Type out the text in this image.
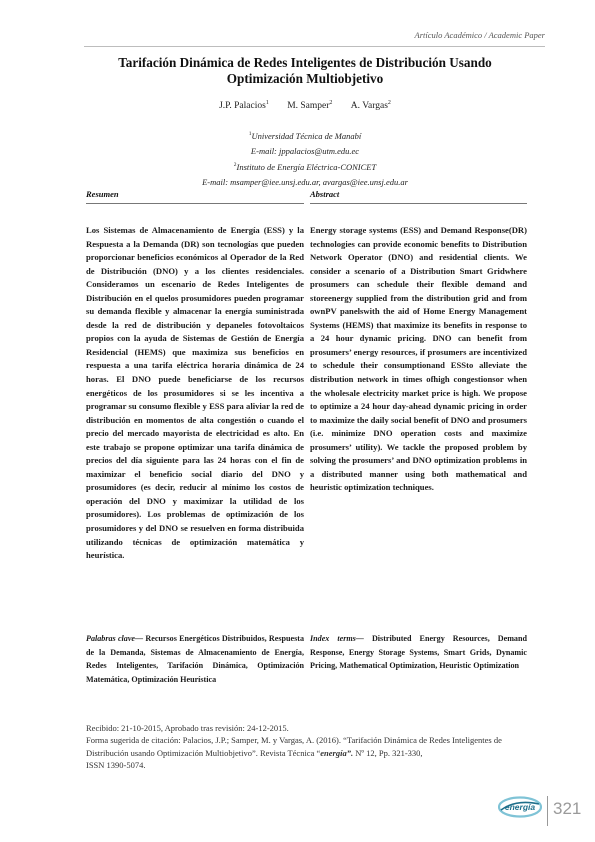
Artículo Académico / Academic Paper
Tarifación Dinámica de Redes Inteligentes de Distribución Usando Optimización Multiobjetivo
J.P. Palacios$^1$ M. Samper$^2$ A. Vargas$^2$
$^1$Universidad Técnica de Manabí
E-mail: jppalacios@utm.edu.ec
$^2$Instituto de Energía Eléctrica-CONICET
E-mail: msamper@iee.unsj.edu.ar, avargas@iee.unsj.edu.ar
Resumen
Los Sistemas de Almacenamiento de Energía (ESS) y la Respuesta a la Demanda (DR) son tecnologías que pueden proporcionar beneficios económicos al Operador de la Red de Distribución (DNO) y a los clientes residenciales. Consideramos un escenario de Redes Inteligentes de Distribución en el quelos prosumidores pueden programar su demanda flexible y almacenar la energía suministrada desde la red de distribución y depaneles fotovoltaicos propios con la ayuda de Sistemas de Gestión de Energía Residencial (HEMS) que maximiza sus beneficios en respuesta a una tarifa eléctrica horaria dinámica de 24 horas. El DNO puede beneficiarse de los recursos energéticos de los prosumidores si se les incentiva a programar su consumo flexible y ESS para aliviar la red de distribución en momentos de alta congestión o cuando el precio del mercado mayorista de electricidad es alto. En este trabajo se propone optimizar una tarifa dinámica de precios del día siguiente para las 24 horas con el fin de maximizar el beneficio social diario del DNO y prosumidores (es decir, reducir al mínimo los costos de operación del DNO y maximizar la utilidad de los prosumidores). Los problemas de optimización de los prosumidores y del DNO se resuelven en forma distribuida utilizando técnicas de optimización matemática y heurística.
Abstract
Energy storage systems (ESS) and Demand Response(DR) technologies can provide economic benefits to Distribution Network Operator (DNO) and residential clients. We consider a scenario of a Distribution Smart Gridwhere prosumers can schedule their flexible demand and storeenergy supplied from the distribution grid and from ownPV panelswith the aid of Home Energy Management Systems (HEMS) that maximize its benefits in response to a 24 hour dynamic pricing. DNO can benefit from prosumers’ energy resources, if prosumers are incentivized to schedule their consumptionand ESSto alleviate the distribution network in times ofhigh congestionsor when the wholesale electricity market price is high. We propose to optimize a 24 hour day-ahead dynamic pricing in order to maximize the daily social benefit of DNO and prosumers (i.e. minimize DNO operation costs and maximize prosumers’ utility). We tackle the proposed problem by solving the prosumers’ and DNO optimization problems in a distributed manner using both mathematical and heuristic optimization techniques.
Palabras clave— Recursos Energéticos Distribuidos, Respuesta de la Demanda, Sistemas de Almacenamiento de Energía, Redes Inteligentes, Tarifación Dinámica, Optimización Matemática, Optimización Heurística
Index terms— Distributed Energy Resources, Demand Response, Energy Storage Systems, Smart Grids, Dynamic Pricing, Mathematical Optimization, Heuristic Optimization

Recibido: 21-10-2015, Aprobado tras revisión: 24-12-2015.

Forma sugerida de citación: Palacios, J.P.; Samper, M. y Vargas, A. (2016). “Tarifación Dinámica de Redes Inteligentes de Distribución usando Optimización Multiobjetivo”. Revista Técnica “energía”. Nº 12, Pp. 321-330,

ISSN 1390-5074.

energía 321
